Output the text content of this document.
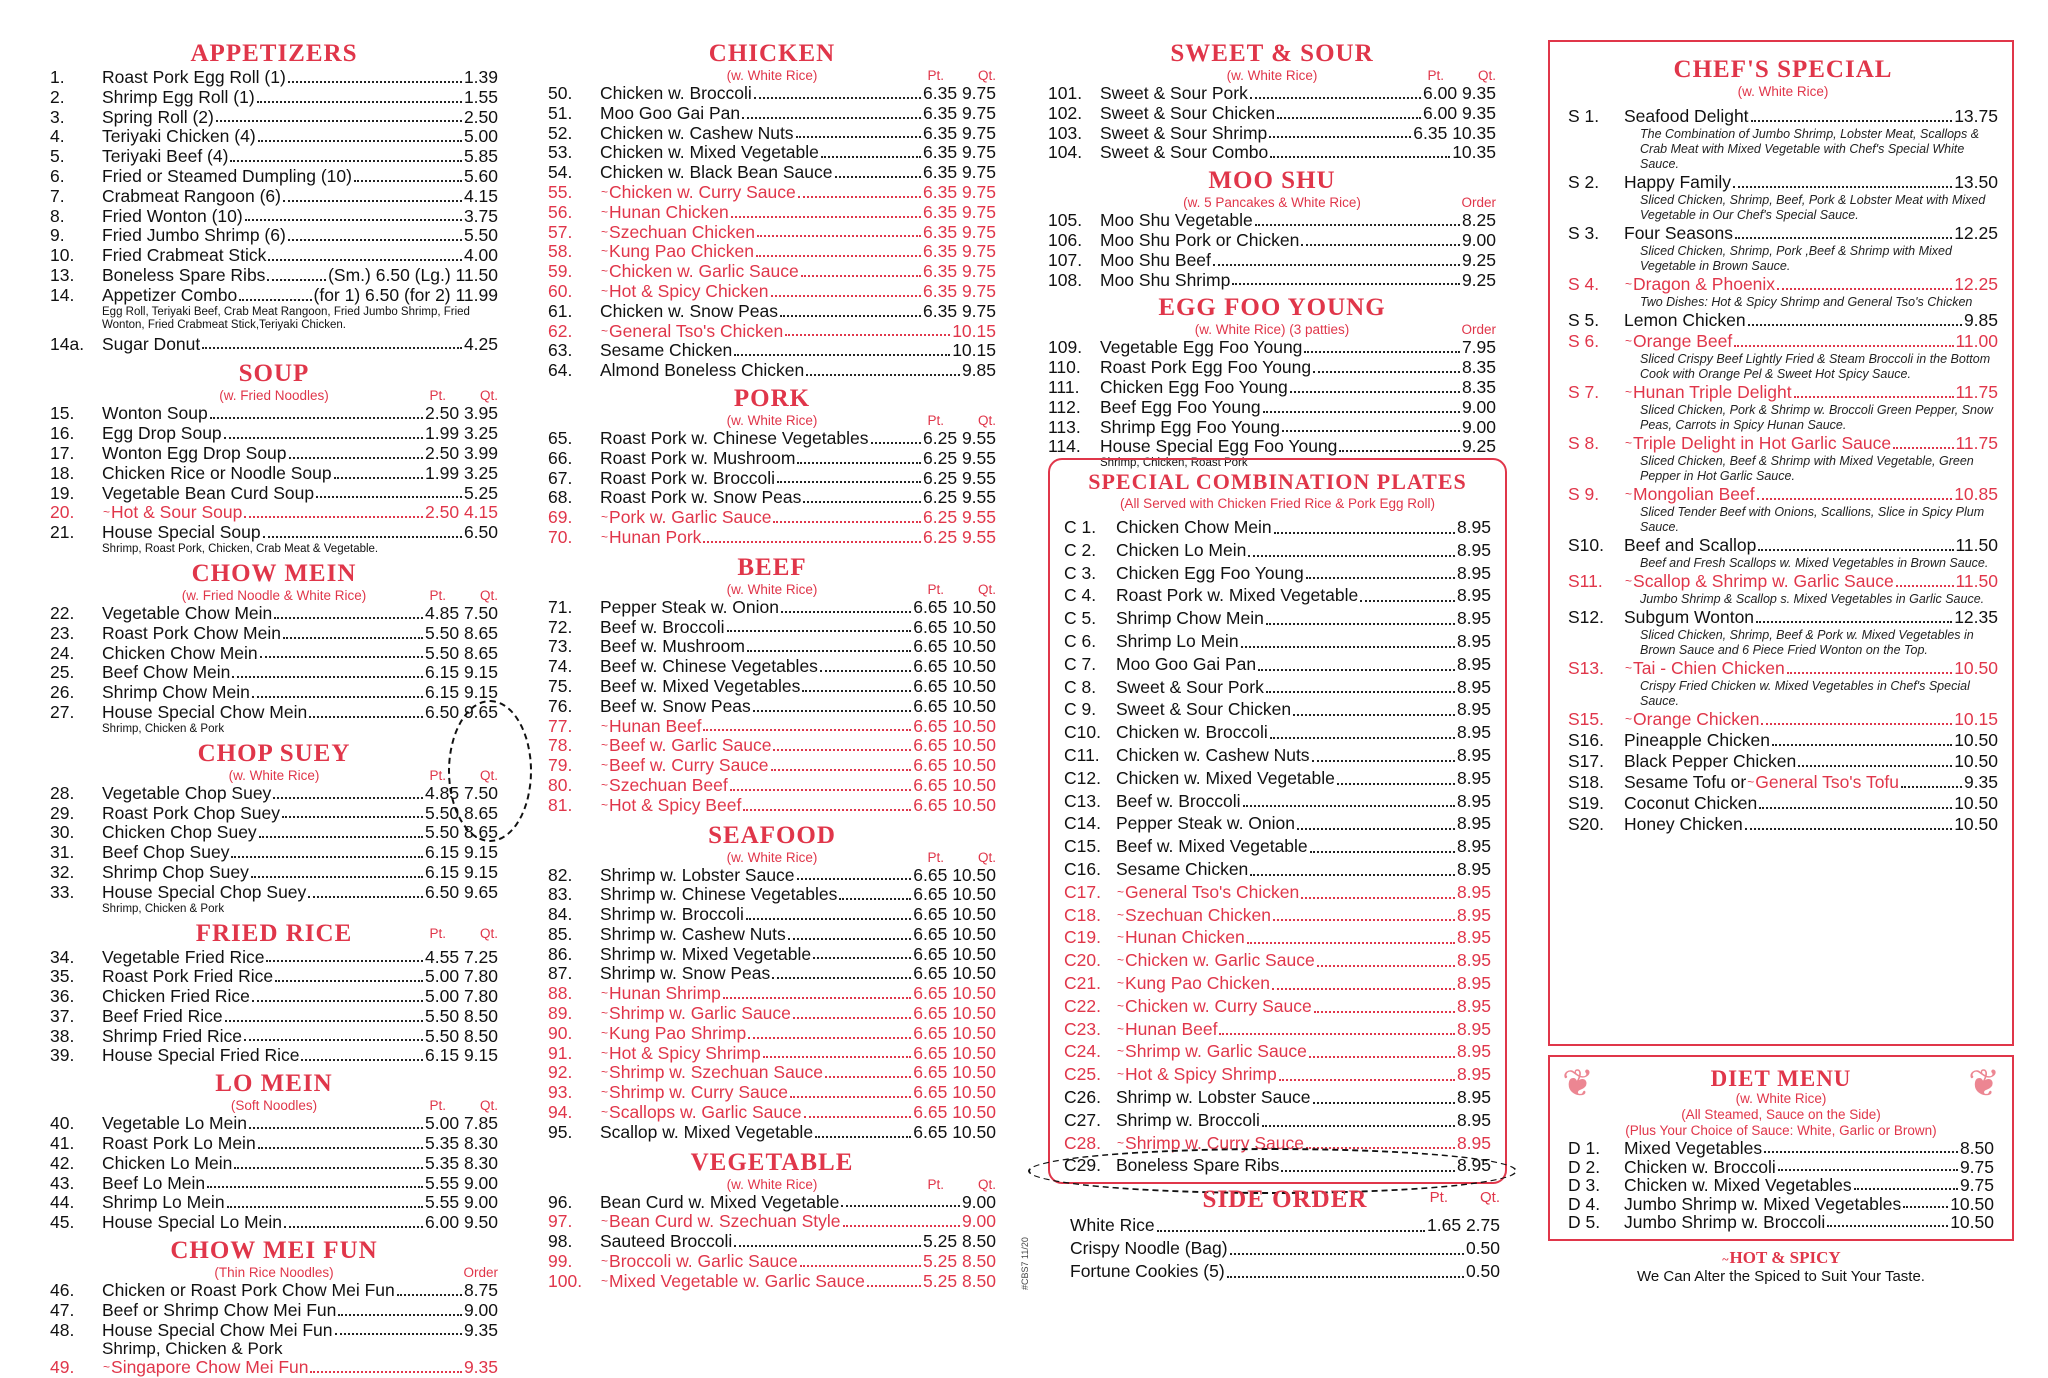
APPETIZERS
1.	Roast Pork Egg Roll (1)	1.39
2.	Shrimp Egg Roll (1)	1.55
3.	Spring Roll (2)	2.50
4.	Teriyaki Chicken (4)	5.00
5.	Teriyaki Beef (4)	5.85
6.	Fried or Steamed Dumpling (10)	5.60
7.	Crabmeat Rangoon (6)	4.15
8.	Fried Wonton (10)	3.75
9.	Fried Jumbo Shrimp (6)	5.50
10.	Fried Crabmeat Stick	4.00
13.	Boneless Spare Ribs	(Sm.) 6.50 (Lg.) 11.50
14.	Appetizer Combo	(for 1) 6.50 (for 2) 11.99
Egg Roll, Teriyaki Beef, Crab Meat Rangoon, Fried Jumbo Shrimp, Fried Wonton, Fried Crabmeat Stick,Teriyaki Chicken.
14a.	Sugar Donut	4.25
SOUP
(w. Fried Noodles)	Pt.	Qt.
15.	Wonton Soup	2.50 3.95
16.	Egg Drop Soup	1.99 3.25
17.	Wonton Egg Drop Soup	2.50 3.99
18.	Chicken Rice or Noodle Soup	1.99 3.25
19.	Vegetable Bean Curd Soup	5.25
20.	~ Hot & Sour Soup	2.50 4.15
21.	House Special Soup	6.50
Shrimp, Roast Pork, Chicken, Crab Meat & Vegetable.
CHOW MEIN
(w. Fried Noodle & White Rice)	Pt.	Qt.
22.	Vegetable Chow Mein	4.85 7.50
23.	Roast Pork Chow Mein	5.50 8.65
24.	Chicken Chow Mein	5.50 8.65
25.	Beef Chow Mein	6.15 9.15
26.	Shrimp Chow Mein	6.15 9.15
27.	House Special Chow Mein	6.50 9.65
Shrimp, Chicken & Pork
CHOP SUEY
(w. White Rice)	Pt.	Qt.
28.	Vegetable Chop Suey	4.85 7.50
29.	Roast Pork Chop Suey	5.50 8.65
30.	Chicken Chop Suey	5.50 8.65
31.	Beef Chop Suey	6.15 9.15
32.	Shrimp Chop Suey	6.15 9.15
33.	House Special Chop Suey	6.50 9.65
Shrimp, Chicken & Pork
FRIED RICE	Pt.	Qt.
34.	Vegetable Fried Rice	4.55 7.25
35.	Roast Pork Fried Rice	5.00 7.80
36.	Chicken Fried Rice	5.00 7.80
37.	Beef Fried Rice	5.50 8.50
38.	Shrimp Fried Rice	5.50 8.50
39.	House Special Fried Rice	6.15 9.15
LO MEIN
(Soft Noodles)	Pt.	Qt.
40.	Vegetable Lo Mein	5.00 7.85
41.	Roast Pork Lo Mein	5.35 8.30
42.	Chicken Lo Mein	5.35 8.30
43.	Beef Lo Mein	5.55 9.00
44.	Shrimp Lo Mein	5.55 9.00
45.	House Special Lo Mein	6.00 9.50
CHOW MEI FUN
(Thin Rice Noodles)	Order
46.	Chicken or Roast Pork Chow Mei Fun	8.75
47.	Beef or Shrimp Chow Mei Fun	9.00
48.	House Special Chow Mei Fun	9.35
Shrimp, Chicken & Pork
49.	~ Singapore Chow Mei Fun	9.35
CHICKEN
(w. White Rice)	Pt.	Qt.
50.	Chicken w. Broccoli	6.35 9.75
51.	Moo Goo Gai Pan	6.35 9.75
52.	Chicken w. Cashew Nuts	6.35 9.75
53.	Chicken w. Mixed Vegetable	6.35 9.75
54.	Chicken w. Black Bean Sauce	6.35 9.75
55.	~ Chicken w. Curry Sauce	6.35 9.75
56.	~ Hunan Chicken	6.35 9.75
57.	~ Szechuan Chicken	6.35 9.75
58.	~ Kung Pao Chicken	6.35 9.75
59.	~ Chicken w. Garlic Sauce	6.35 9.75
60.	~ Hot & Spicy Chicken	6.35 9.75
61.	Chicken w. Snow Peas	6.35 9.75
62.	~ General Tso's Chicken	10.15
63.	Sesame Chicken	10.15
64.	Almond Boneless Chicken	9.85
PORK
(w. White Rice)	Pt.	Qt.
65.	Roast Pork w. Chinese Vegetables	6.25 9.55
66.	Roast Pork w. Mushroom	6.25 9.55
67.	Roast Pork w. Broccoli	6.25 9.55
68.	Roast Pork w. Snow Peas	6.25 9.55
69.	~ Pork w. Garlic Sauce	6.25 9.55
70.	~ Hunan Pork	6.25 9.55
BEEF
(w. White Rice)	Pt.	Qt.
71.	Pepper Steak w. Onion	6.65 10.50
72.	Beef w. Broccoli	6.65 10.50
73.	Beef w. Mushroom	6.65 10.50
74.	Beef w. Chinese Vegetables	6.65 10.50
75.	Beef w. Mixed Vegetables	6.65 10.50
76.	Beef w. Snow Peas	6.65 10.50
77.	~ Hunan Beef	6.65 10.50
78.	~ Beef w. Garlic Sauce	6.65 10.50
79.	~ Beef w. Curry Sauce	6.65 10.50
80.	~ Szechuan Beef	6.65 10.50
81.	~ Hot & Spicy Beef	6.65 10.50
SEAFOOD
(w. White Rice)	Pt.	Qt.
82.	Shrimp w. Lobster Sauce	6.65 10.50
83.	Shrimp w. Chinese Vegetables	6.65 10.50
84.	Shrimp w. Broccoli	6.65 10.50
85.	Shrimp w. Cashew Nuts	6.65 10.50
86.	Shrimp w. Mixed Vegetable	6.65 10.50
87.	Shrimp w. Snow Peas	6.65 10.50
88.	~ Hunan Shrimp	6.65 10.50
89.	~ Shrimp w. Garlic Sauce	6.65 10.50
90.	~ Kung Pao Shrimp	6.65 10.50
91.	~ Hot & Spicy Shrimp	6.65 10.50
92.	~ Shrimp w. Szechuan Sauce	6.65 10.50
93.	~ Shrimp w. Curry Sauce	6.65 10.50
94.	~ Scallops w. Garlic Sauce	6.65 10.50
95.	Scallop w. Mixed Vegetable	6.65 10.50
VEGETABLE
(w. White Rice)	Pt.	Qt.
96.	Bean Curd w. Mixed Vegetable	9.00
97.	~ Bean Curd w. Szechuan Style	9.00
98.	Sauteed Broccoli	5.25 8.50
99.	~ Broccoli w. Garlic Sauce	5.25 8.50
100.	~ Mixed Vegetable w. Garlic Sauce	5.25 8.50	#CBS7 11/20
SWEET & SOUR
(w. White Rice)	Pt.	Qt.
101.	Sweet & Sour Pork	6.00 9.35
102.	Sweet & Sour Chicken	6.00 9.35
103.	Sweet & Sour Shrimp	6.35 10.35
104.	Sweet & Sour Combo	10.35
MOO SHU
(w. 5 Pancakes & White Rice)	Order
105.	Moo Shu Vegetable	8.25
106.	Moo Shu Pork or Chicken	9.00
107.	Moo Shu Beef	9.25
108.	Moo Shu Shrimp	9.25
EGG FOO YOUNG
(w. White Rice) (3 patties)	Order
109.	Vegetable Egg Foo Young	7.95
110.	Roast Pork Egg Foo Young	8.35
111.	Chicken Egg Foo Young	8.35
112.	Beef Egg Foo Young	9.00
113.	Shrimp Egg Foo Young	9.00
114.	House Special Egg Foo Young	9.25
Shrimp, Chicken, Roast Pork
SPECIAL COMBINATION PLATES
(All Served with Chicken Fried Rice & Pork Egg Roll)
C 1.	Chicken Chow Mein	8.95
C 2.	Chicken Lo Mein	8.95
C 3.	Chicken Egg Foo Young	8.95
C 4.	Roast Pork w. Mixed Vegetable	8.95
C 5.	Shrimp Chow Mein	8.95
C 6.	Shrimp Lo Mein	8.95
C 7.	Moo Goo Gai Pan	8.95
C 8.	Sweet & Sour Pork	8.95
C 9.	Sweet & Sour Chicken	8.95
C10. Chicken w. Broccoli	8.95
C11. Chicken w. Cashew Nuts	8.95
C12. Chicken w. Mixed Vegetable	8.95
C13. Beef w. Broccoli	8.95
C14. Pepper Steak w. Onion	8.95
C15. Beef w. Mixed Vegetable	8.95
C16. Sesame Chicken	8.95
C17.	~ General Tso's Chicken	8.95
C18.	~ Szechuan Chicken	8.95
C19.	~ Hunan Chicken	8.95
C20.	~ Chicken w. Garlic Sauce	8.95
C21.	~ Kung Pao Chicken	8.95
C22.	~ Chicken w. Curry Sauce	8.95
C23.	~ Hunan Beef	8.95
C24.	~ Shrimp w. Garlic Sauce	8.95
C25.	~ Hot & Spicy Shrimp	8.95
C26. Shrimp w. Lobster Sauce	8.95
C27. Shrimp w. Broccoli	8.95
C28.	~ Shrimp w. Curry Sauce	8.95
C29. Boneless Spare Ribs	8.95
SIDE ORDER	Pt. Qt.
White Rice	1.65 2.75
Crispy Noodle (Bag)	0.50
Fortune Cookies (5)	0.50
CHEF'S SPECIAL
(w. White Rice)
S 1.	Seafood Delight	13.75
The Combination of Jumbo Shrimp, Lobster Meat, Scallops & Crab Meat with Mixed Vegetable with Chef's Special White Sauce.
S 2.	Happy Family	13.50
Sliced Chicken, Shrimp, Beef, Pork & Lobster Meat with Mixed Vegetable in Our Chef's Special Sauce.
S 3.	Four Seasons	12.25
Sliced Chicken, Shrimp, Pork ,Beef & Shrimp with Mixed Vegetable in Brown Sauce.
S 4.	~ Dragon & Phoenix	12.25
Two Dishes: Hot & Spicy Shrimp and General Tso's Chicken
S 5.	Lemon Chicken	9.85
S 6.	~ Orange Beef	11.00
Sliced Crispy Beef Lightly Fried & Steam Broccoli in the Bottom Cook with Orange Pel & Sweet Hot Spicy Sauce.
S 7.	~ Hunan Triple Delight	11.75
Sliced Chicken, Pork & Shrimp w. Broccoli Green Pepper, Snow Peas, Carrots in Spicy Hunan Sauce.
S 8.	~ Triple Delight in Hot Garlic Sauce	11.75
Sliced Chicken, Beef & Shrimp with Mixed Vegetable, Green Pepper in Hot Garlic Sauce.
S 9.	~ Mongolian Beef	10.85
Sliced Tender Beef with Onions, Scallions, Slice in Spicy Plum Sauce.
S10.	Beef and Scallop	11.50
Beef and Fresh Scallops w. Mixed Vegetables in Brown Sauce.
S11.	~ Scallop & Shrimp w. Garlic Sauce	11.50
Jumbo Shrimp & Scallop s. Mixed Vegetables in Garlic Sauce.
S12.	Subgum Wonton	12.35
Sliced Chicken, Shrimp, Beef & Pork w. Mixed Vegetables in Brown Sauce and 6 Piece Fried Wonton on the Top.
S13.	~ Tai - Chien Chicken	10.50
Crispy Fried Chicken w. Mixed Vegetables in Chef's Special Sauce.
S15.	~ Orange Chicken	10.15
S16.	Pineapple Chicken	10.50
S17.	Black Pepper Chicken	10.50
S18.	Sesame Tofu or ~ General Tso's Tofu	9.35
S19.	Coconut Chicken	10.50
S20.	Honey Chicken	10.50
❦	❦
DIET MENU
(w. White Rice)
(All Steamed, Sauce on the Side)
(Plus Your Choice of Sauce: White, Garlic or Brown)
D 1.	Mixed Vegetables	8.50
D 2.	Chicken w. Broccoli	9.75
D 3.	Chicken w. Mixed Vegetables	9.75
D 4.	Jumbo Shrimp w. Mixed Vegetables	10.50
D 5.	Jumbo Shrimp w. Broccoli	10.50
~HOT & SPICY
We Can Alter the Spiced to Suit Your Taste.
